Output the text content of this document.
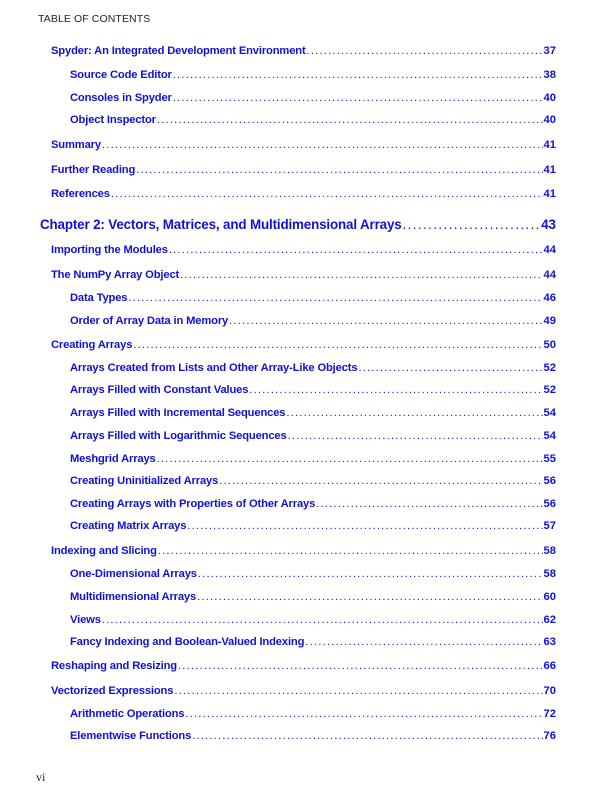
TABLE OF CONTENTS
Spyder: An Integrated Development Environment .....	37
Source Code Editor .....	38
Consoles in Spyder .....	40
Object Inspector .....	40
Summary .....	41
Further Reading .....	41
References .....	41
Chapter 2: Vectors, Matrices, and Multidimensional Arrays .....	43
Importing the Modules .....	44
The NumPy Array Object .....	44
Data Types .....	46
Order of Array Data in Memory .....	49
Creating Arrays .....	50
Arrays Created from Lists and Other Array-Like Objects .....	52
Arrays Filled with Constant Values .....	52
Arrays Filled with Incremental Sequences .....	54
Arrays Filled with Logarithmic Sequences .....	54
Meshgrid Arrays .....	55
Creating Uninitialized Arrays .....	56
Creating Arrays with Properties of Other Arrays .....	56
Creating Matrix Arrays .....	57
Indexing and Slicing .....	58
One-Dimensional Arrays .....	58
Multidimensional Arrays .....	60
Views .....	62
Fancy Indexing and Boolean-Valued Indexing .....	63
Reshaping and Resizing .....	66
Vectorized Expressions .....	70
Arithmetic Operations .....	72
Elementwise Functions .....	76
vi
